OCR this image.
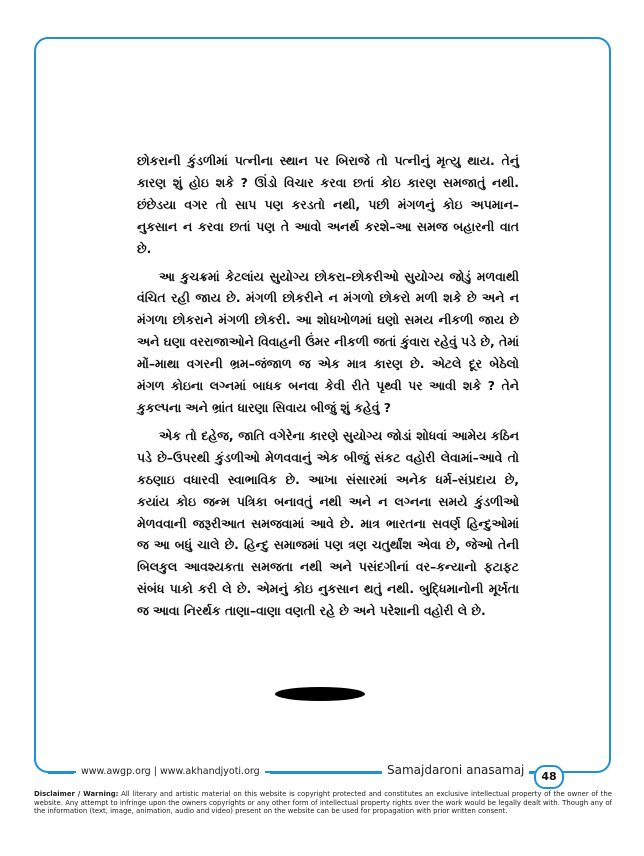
છોકરાની કુંડળીમાં પત્નીના સ્થાન પર બિરાજે તો પત્નીનું મૃત્યુ થાય. તેનું કારણ શું હોઇ શકે ? ઊંડો વિચાર કરવા છતાં કોઇ કારણ સમજાતું નથી. છંછેડયા વગર તો સાપ પણ કરડતો નથી, પછી મંગળનું કોઇ અપમાન–નુકસાન ન કરવા છતાં પણ તે આવો અનર્થ કરશે–આ સમજ બહારની વાત છે.

આ કુચક્રમાં કેટલાંય સુયોગ્ય છોકરા–છોકરીઓ સુયોગ્ય જોડું મળવાથી વંચિત રહી જાય છે. મંગળી છોકરીને ન મંગળો છોકરો મળી શકે છે અને ન મંગળા છોકરાને મંગળી છોકરી. આ શોધખોળમાં ઘણો સમય નીકળી જાય છે અને ઘણા વરરાજાઓને વિવાહની ઉંમર નીકળી જતાં કુંવારા રહેવું પડે છે, તેમાં મોં–માથા વગરની ભ્રમ–જંજાળ જ એક માત્ર કારણ છે. એટલે દૂર બેઠેલો મંગળ કોઇના લગ્નમાં બાધક બનવા કેવી રીતે પૃથ્વી પર આવી શકે ? તેને કુકલ્પના અને ભ્રાંત ધારણા સિવાય બીજું શું કહેવું ?

એક તો દહેજ, જાતિ વગેરેના કારણે સુયોગ્ય જોડાં શોધવાં આમેય કઠિન પડે છે–ઉપરથી કુંડળીઓ મેળવવાનું એક બીજું સંકટ વહોરી લેવામાં–આવે તો કઠણાઇ વધારવી સ્વાભાવિક છે. આખા સંસારમાં અનેક ધર્મ–સંપ્રદાય છે, કયાંય કોઇ જન્મ પત્રિકા બનાવતું નથી અને ન લગ્નના સમયે કુંડળીઓ મેળવવાની જરૂરીઆત સમજવામાં આવે છે. માત્ર ભારતના સવર્ણ હિન્દુઓમાં જ આ બધું ચાલે છે. હિન્દુ સમાજમાં પણ ત્રણ ચતુર્થાંશ એવા છે, જેઓ તેની બિલકુલ આવશ્યકતા સમજતા નથી અને પસંદગીનાં વર–કન્યાનો ફટાફટ સંબંધ પાકો કરી લે છે. એમનું કોઇ નુકસાન થતું નથી. બુદ્ધિમાનોની મૂર્ખતા જ આવા નિરર્થક તાણા–વાણા વણતી રહે છે અને પરેશાની વહોરી લે છે.

www.awgp.org | www.akhandjyoti.org	Samajdaroni anasamaj	48
Disclaimer / Warning: All literary and artistic material on this website is copyright protected and constitutes an exclusive intellectual property of the owner of the website. Any attempt to infringe upon the owners copyrights or any other form of intellectual property rights over the work would be legally dealt with. Though any of the information (text, image, animation, audio and video) present on the website can be used for propagation with prior written consent.
